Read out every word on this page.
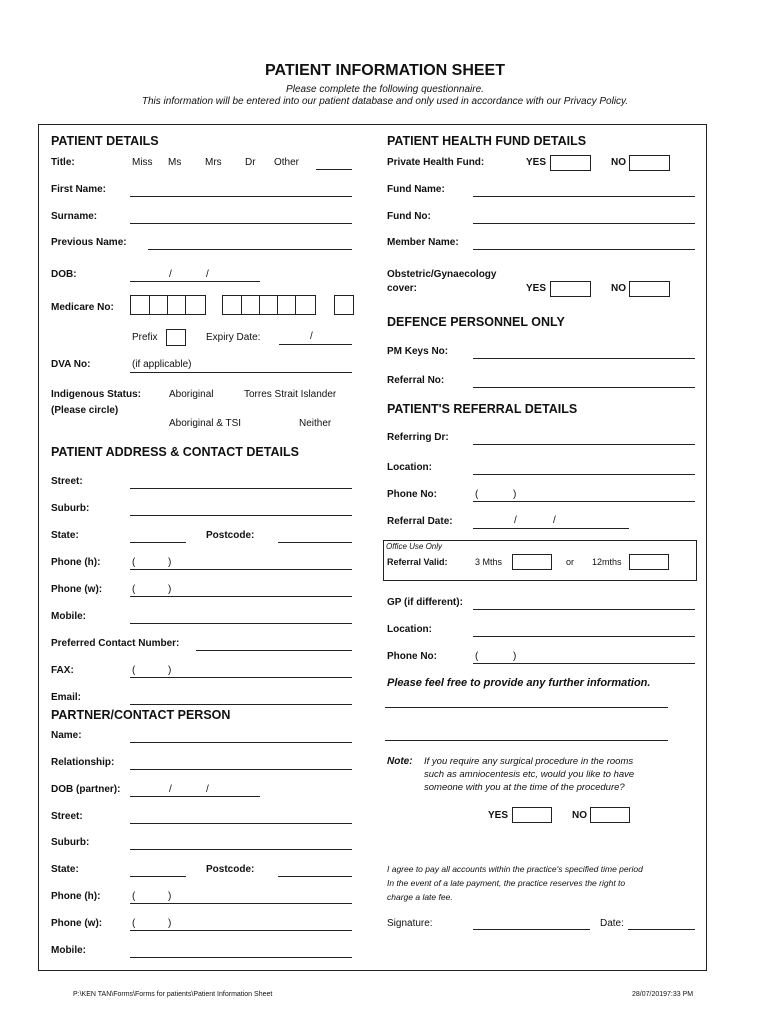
PATIENT INFORMATION SHEET
Please complete the following questionnaire.
This information will be entered into our patient database and only used in accordance with our Privacy Policy.
PATIENT DETAILS
Title:	Miss Ms Mrs Dr Other
First Name:
Surname:
Previous Name:
DOB:	/	/
Medicare No:
Prefix	Expiry Date:	/
DVA No:	(if applicable)
Indigenous Status:
(Please circle)
Aboriginal	Torres Strait Islander
Aboriginal & TSI	Neither
PATIENT ADDRESS & CONTACT DETAILS
Street:
Suburb:
State:	Postcode:
Phone (h):	(	)
Phone (w):	(	)
Mobile:
Preferred Contact Number:
FAX:	(	)
Email:
PARTNER/CONTACT PERSON
Name:
Relationship:
DOB (partner):	/	/
Street:
Suburb:
State:	Postcode:
Phone (h):	(	)
Phone (w):	(	)
Mobile:
PATIENT HEALTH FUND DETAILS
Private Health Fund:	YES	NO
Fund Name:
Fund No:
Member Name:
Obstetric/Gynaecology
cover:	YES	NO
DEFENCE PERSONNEL ONLY
PM Keys No:
Referral No:
PATIENT'S REFERRAL DETAILS
Referring Dr:
Location:
Phone No:	(	)
Referral Date:	/	/
Office Use Only
Referral Valid:	3 Mths	or 12mths
GP (if different):
Location:
Phone No:	(	)
Please feel free to provide any further information.
Note: If you require any surgical procedure in the rooms
such as amniocentesis etc, would you like to have
someone with you at the time of the procedure?
YES	NO
I agree to pay all accounts within the practice's specified time period
In the event of a late payment, the practice reserves the right to
charge a late fee.
Signature:	Date:
P:\KEN TAN\Forms\Forms for patients\Patient Information Sheet	28/07/20197:33 PM
